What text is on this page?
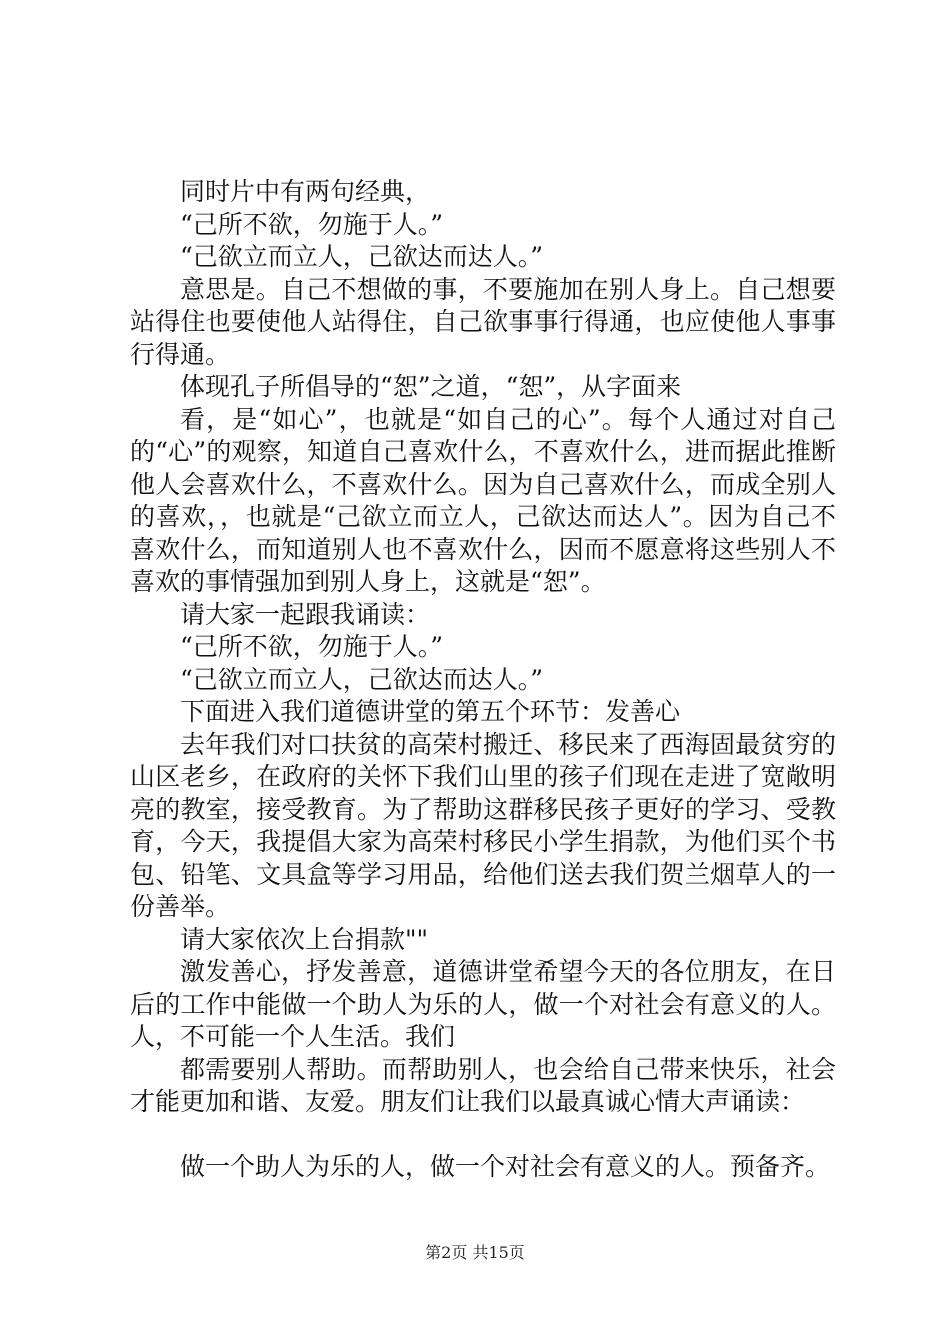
同时片中有两句经典，

“己所不欲，勿施于人。”

“己欲立而立人，己欲达而达人。”

意思是。自己不想做的事，不要施加在别人身上。自己想要站得住也要使他人站得住，自己欲事事行得通，也应使他人事事行得通。

体现孔子所倡导的“恕”之道，“恕”，从字面来

看，是“如心”，也就是“如自己的心”。每个人通过对自己的“心”的观察，知道自己喜欢什么，不喜欢什么，进而据此推断他人会喜欢什么，不喜欢什么。因为自己喜欢什么，而成全别人的喜欢，，也就是“己欲立而立人，己欲达而达人”。因为自己不喜欢什么，而知道别人也不喜欢什么，因而不愿意将这些别人不喜欢的事情强加到别人身上，这就是“恕”。

请大家一起跟我诵读：

“己所不欲，勿施于人。”

“己欲立而立人，己欲达而达人。”

下面进入我们道德讲堂的第五个环节：发善心

去年我们对口扶贫的高荣村搬迁、移民来了西海固最贫穷的山区老乡，在政府的关怀下我们山里的孩子们现在走进了宽敞明亮的教室，接受教育。为了帮助这群移民孩子更好的学习、受教育，今天，我提倡大家为高荣村移民小学生捐款，为他们买个书包、铅笔、文具盒等学习用品，给他们送去我们贺兰烟草人的一份善举。

请大家依次上台捐款""

激发善心，抒发善意，道德讲堂希望今天的各位朋友，在日后的工作中能做一个助人为乐的人，做一个对社会有意义的人。人，不可能一个人生活。我们

都需要别人帮助。而帮助别人，也会给自己带来快乐，社会才能更加和谐、友爱。朋友们让我们以最真诚心情大声诵读：

做一个助人为乐的人，做一个对社会有意义的人。预备齐。

第2页 共15页
